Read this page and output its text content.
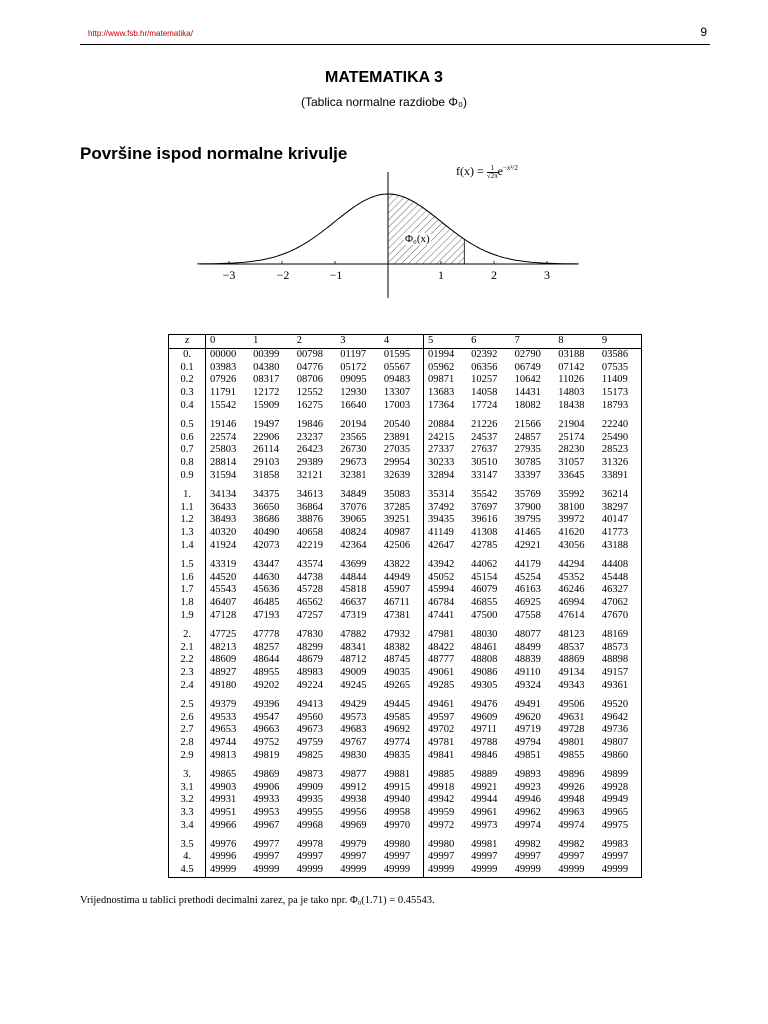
http://www.fsb.hr/matematika/	9
MATEMATIKA 3
(Tablica normalne razdiobe Φ₀)
Površine ispod normalne krivulje
$f(x) = \frac{1}{√2\pi} e^{-x^2/2}$
Φ₀(x)
−3	−2	−1	1	2	3
z	0	1	2	3	4	5	6	7	8	9
0.	00000	00399	00798	01197	01595	01994	02392	02790	03188	03586
0.1	03983	04380	04776	05172	05567	05962	06356	06749	07142	07535
0.2	07926	08317	08706	09095	09483	09871	10257	10642	11026	11409
0.3	11791	12172	12552	12930	13307	13683	14058	14431	14803	15173
0.4	15542	15909	16275	16640	17003	17364	17724	18082	18438	18793
0.5	19146	19497	19846	20194	20540	20884	21226	21566	21904	22240
0.6	22574	22906	23237	23565	23891	24215	24537	24857	25174	25490
0.7	25803	26114	26423	26730	27035	27337	27637	27935	28230	28523
0.8	28814	29103	29389	29673	29954	30233	30510	30785	31057	31326
0.9	31594	31858	32121	32381	32639	32894	33147	33397	33645	33891
1.	34134	34375	34613	34849	35083	35314	35542	35769	35992	36214
1.1	36433	36650	36864	37076	37285	37492	37697	37900	38100	38297
1.2	38493	38686	38876	39065	39251	39435	39616	39795	39972	40147
1.3	40320	40490	40658	40824	40987	41149	41308	41465	41620	41773
1.4	41924	42073	42219	42364	42506	42647	42785	42921	43056	43188
1.5	43319	43447	43574	43699	43822	43942	44062	44179	44294	44408
1.6	44520	44630	44738	44844	44949	45052	45154	45254	45352	45448
1.7	45543	45636	45728	45818	45907	45994	46079	46163	46246	46327
1.8	46407	46485	46562	46637	46711	46784	46855	46925	46994	47062
1.9	47128	47193	47257	47319	47381	47441	47500	47558	47614	47670
2.	47725	47778	47830	47882	47932	47981	48030	48077	48123	48169
2.1	48213	48257	48299	48341	48382	48422	48461	48499	48537	48573
2.2	48609	48644	48679	48712	48745	48777	48808	48839	48869	48898
2.3	48927	48955	48983	49009	49035	49061	49086	49110	49134	49157
2.4	49180	49202	49224	49245	49265	49285	49305	49324	49343	49361
2.5	49379	49396	49413	49429	49445	49461	49476	49491	49506	49520
2.6	49533	49547	49560	49573	49585	49597	49609	49620	49631	49642
2.7	49653	49663	49673	49683	49692	49702	49711	49719	49728	49736
2.8	49744	49752	49759	49767	49774	49781	49788	49794	49801	49807
2.9	49813	49819	49825	49830	49835	49841	49846	49851	49855	49860
3.	49865	49869	49873	49877	49881	49885	49889	49893	49896	49899
3.1	49903	49906	49909	49912	49915	49918	49921	49923	49926	49928
3.2	49931	49933	49935	49938	49940	49942	49944	49946	49948	49949
3.3	49951	49953	49955	49956	49958	49959	49961	49962	49963	49965
3.4	49966	49967	49968	49969	49970	49972	49973	49974	49974	49975
3.5	49976	49977	49978	49979	49980	49980	49981	49982	49982	49983
4.	49996	49997	49997	49997	49997	49997	49997	49997	49997	49997
4.5	49999	49999	49999	49999	49999	49999	49999	49999	49999	49999
Vrijednostima u tablici prethodi decimalni zarez, pa je tako npr. Φ₀(1.71) = 0.45543.
